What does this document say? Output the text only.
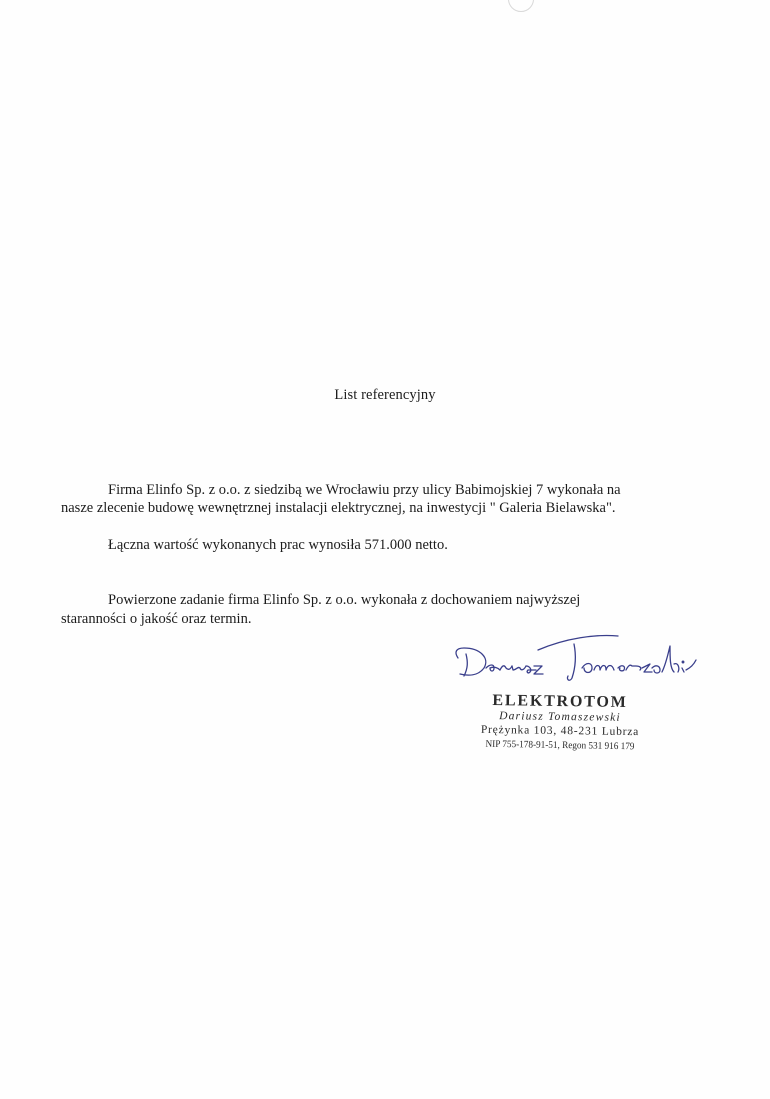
List referencyjny
Firma Elinfo Sp. z o.o. z siedzibą we Wrocławiu przy ulicy Babimojskiej 7 wykonała na
nasze zlecenie budowę wewnętrznej instalacji elektrycznej, na inwestycji " Galeria Bielawska".
Łączna wartość wykonanych prac wynosiła 571.000 netto.
Powierzone zadanie firma Elinfo Sp. z o.o. wykonała z dochowaniem najwyższej
staranności o jakość oraz termin.
ELEKTROTOM
Dariusz Tomaszewski
Prężynka 103, 48-231 Lubrza
NIP 755-178-91-51, Regon 531 916 179
